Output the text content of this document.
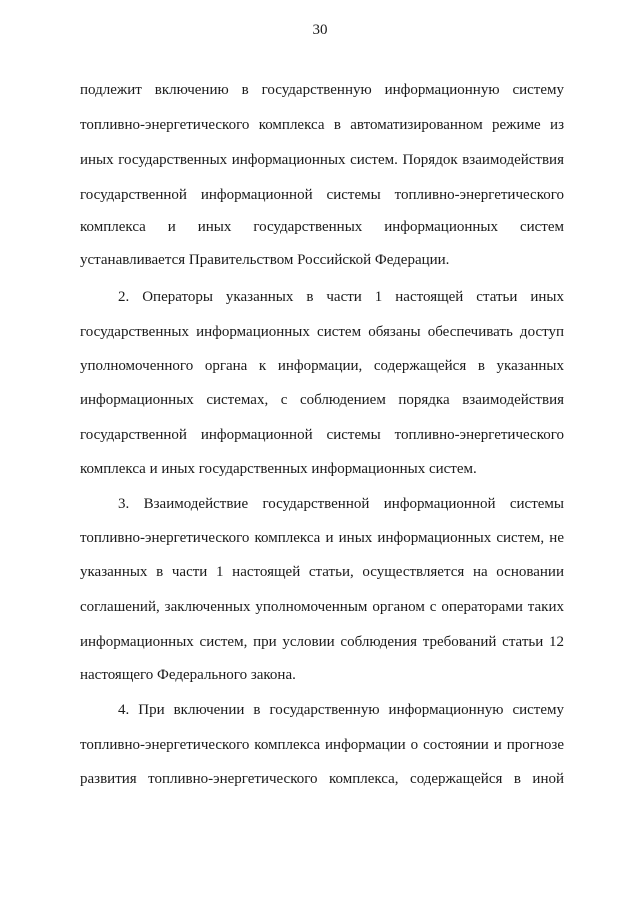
30
подлежит включению в государственную информационную систему
топливно-энергетического комплекса в автоматизированном режиме из
иных государственных информационных систем. Порядок взаимодействия
государственной информационной системы топливно-энергетического
комплекса и иных государственных информационных систем
устанавливается Правительством Российской Федерации.
2. Операторы указанных в части 1 настоящей статьи иных
государственных информационных систем обязаны обеспечивать доступ
уполномоченного органа к информации, содержащейся в указанных
информационных системах, с соблюдением порядка взаимодействия
государственной информационной системы топливно-энергетического
комплекса и иных государственных информационных систем.
3. Взаимодействие государственной информационной системы
топливно-энергетического комплекса и иных информационных систем, не
указанных в части 1 настоящей статьи, осуществляется на основании
соглашений, заключенных уполномоченным органом с операторами таких
информационных систем, при условии соблюдения требований статьи 12
настоящего Федерального закона.
4. При включении в государственную информационную систему
топливно-энергетического комплекса информации о состоянии и прогнозе
развития топливно-энергетического комплекса, содержащейся в иной
